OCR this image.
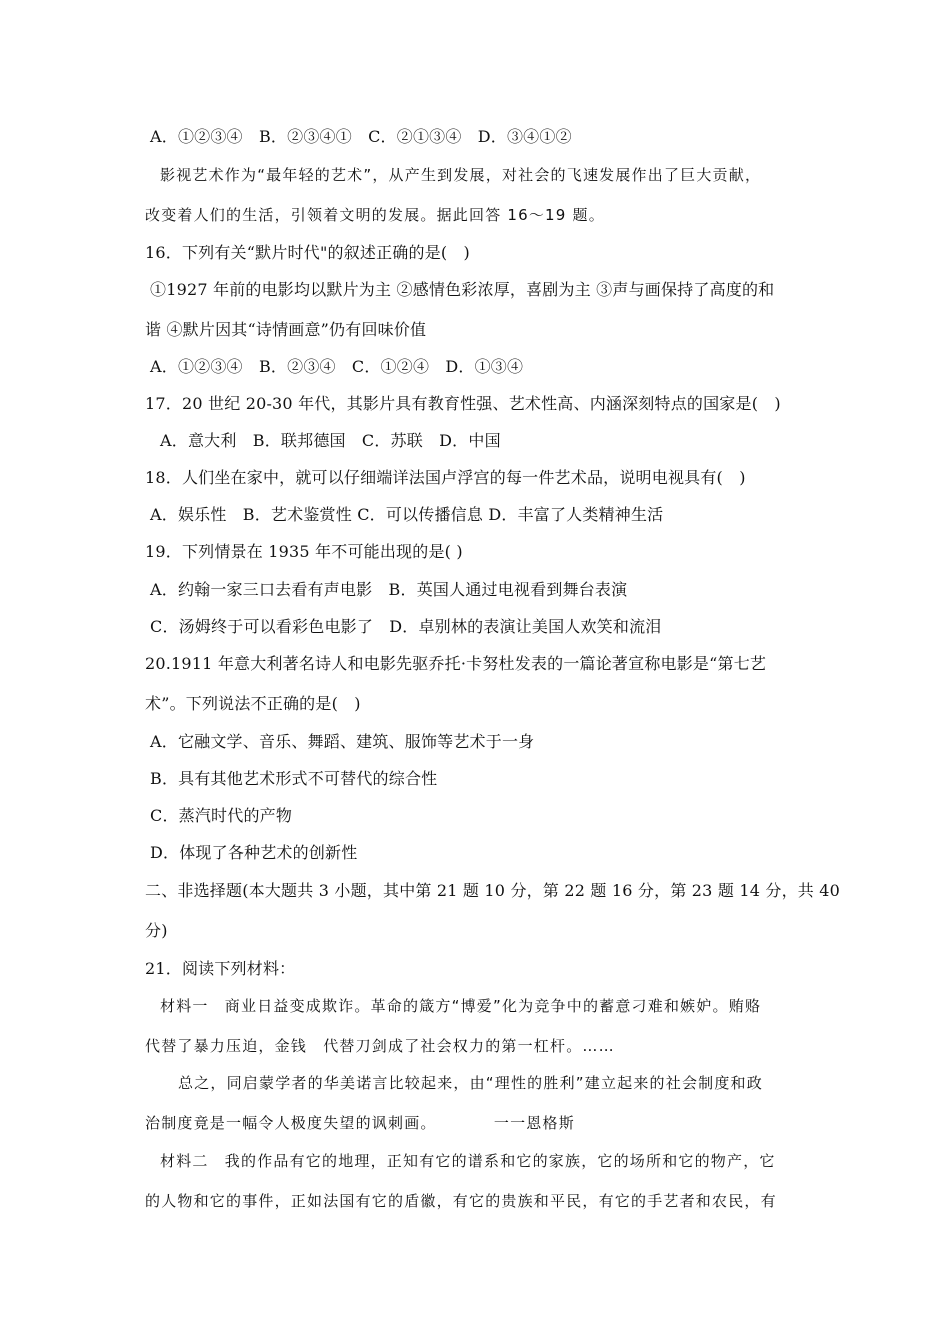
A．①②③④　B．②③④①　C．②①③④　D．③④①②
影视艺术作为“最年轻的艺术”，从产生到发展，对社会的飞速发展作出了巨大贡献，
改变着人们的生活，引领着文明的发展。据此回答 16～19 题。
16．下列有关“默片时代"的叙述正确的是(　)
①1927 年前的电影均以默片为主 ②感情色彩浓厚，喜剧为主 ③声与画保持了高度的和
谐 ④默片因其“诗情画意”仍有回味价值
A．①②③④　B．②③④　C．①②④　D．①③④
17．20 世纪 20-30 年代，其影片具有教育性强、艺术性高、内涵深刻特点的国家是(　)
A．意大利　B．联邦德国　C．苏联　D．中国
18．人们坐在家中，就可以仔细端详法国卢浮宫的每一件艺术品，说明电视具有(　)
A．娱乐性　B．艺术鉴赏性 C．可以传播信息 D．丰富了人类精神生活
19．下列情景在 1935 年不可能出现的是( )
A．约翰一家三口去看有声电影　B．英国人通过电视看到舞台表演
C．汤姆终于可以看彩色电影了　D．卓别林的表演让美国人欢笑和流泪
20.1911 年意大利著名诗人和电影先驱乔托·卡努杜发表的一篇论著宣称电影是“第七艺
术”。下列说法不正确的是(　)
A．它融文学、音乐、舞蹈、建筑、服饰等艺术于一身
B．具有其他艺术形式不可替代的综合性
C．蒸汽时代的产物
D．体现了各种艺术的创新性
二、非选择题(本大题共 3 小题，其中第 21 题 10 分，第 22 题 16 分，第 23 题 14 分，共 40
分)
21．阅读下列材料：
材料一　商业日益变成欺诈。革命的箴方“博爱”化为竞争中的蓄意刁难和嫉妒。贿赂
代替了暴力压迫，金钱　代替刀剑成了社会权力的第一杠杆。……
总之，同启蒙学者的华美诺言比较起来，由“理性的胜利”建立起来的社会制度和政
治制度竟是一幅令人极度失望的讽刺画。　　　　一一恩格斯
材料二　我的作品有它的地理，正知有它的谱系和它的家族，它的场所和它的物产，它
的人物和它的事件，正如法国有它的盾徽，有它的贵族和平民，有它的手艺者和农民，有
